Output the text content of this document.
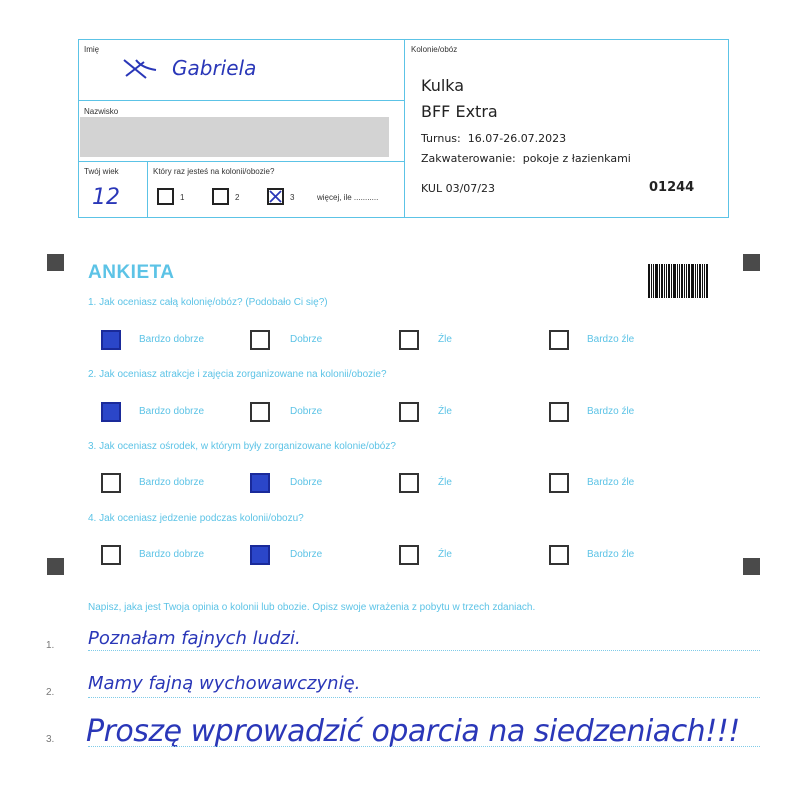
Imię
Gabriela
Nazwisko
Twój wiek
12
Który raz jesteś na kolonii/obozie?
1	2	3	więcej, ile ...........
Kolonie/obóz
Kulka
BFF Extra
Turnus: 16.07-26.07.2023
Zakwaterowanie: pokoje z łazienkami
KUL 03/07/23	01244
ANKIETA
1. Jak oceniasz całą kolonię/obóz? (Podobało Ci się?)
Bardzo dobrze	Dobrze	Źle	Bardzo źle
2. Jak oceniasz atrakcje i zajęcia zorganizowane na kolonii/obozie?
Bardzo dobrze	Dobrze	Źle	Bardzo źle
3. Jak oceniasz ośrodek, w którym były zorganizowane kolonie/obóz?
Bardzo dobrze	Dobrze	Źle	Bardzo źle
4. Jak oceniasz jedzenie podczas kolonii/obozu?
Bardzo dobrze	Dobrze	Źle	Bardzo źle
Napisz, jaka jest Twoja opinia o kolonii lub obozie. Opisz swoje wrażenia z pobytu w trzech zdaniach.
1. Poznałam fajnych ludzi.
2. Mamy fajną wychowawczynię.
3. Proszę wprowadzić oparcia na siedzeniach!!!
